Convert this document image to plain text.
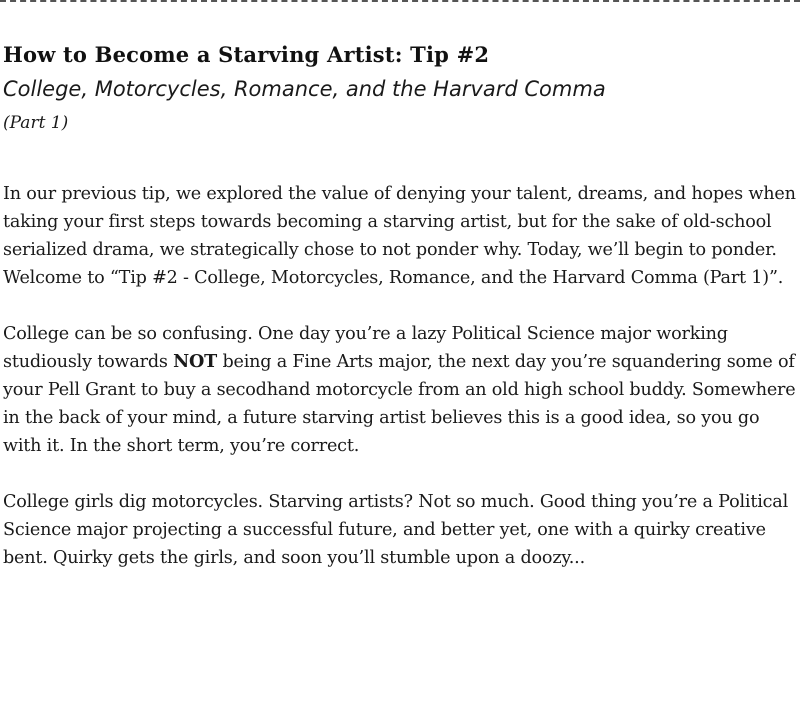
How to Become a Starving Artist: Tip #2
College, Motorcycles, Romance, and the Harvard Comma
(Part 1)

In our previous tip, we explored the value of denying your talent, dreams, and hopes when taking your first steps towards becoming a starving artist, but for the sake of old-school serialized drama, we strategically chose to not ponder why. Today, we’ll begin to ponder. Welcome to “Tip #2 - College, Motorcycles, Romance, and the Harvard Comma (Part 1)”.

College can be so confusing. One day you’re a lazy Political Science major working studiously towards NOT being a Fine Arts major, the next day you’re squandering some of your Pell Grant to buy a secodhand motorcycle from an old high school buddy. Somewhere in the back of your mind, a future starving artist believes this is a good idea, so you go with it. In the short term, you’re correct.

College girls dig motorcycles. Starving artists? Not so much. Good thing you’re a Political Science major projecting a successful future, and better yet, one with a quirky creative bent. Quirky gets the girls, and soon you’ll stumble upon a doozy...
